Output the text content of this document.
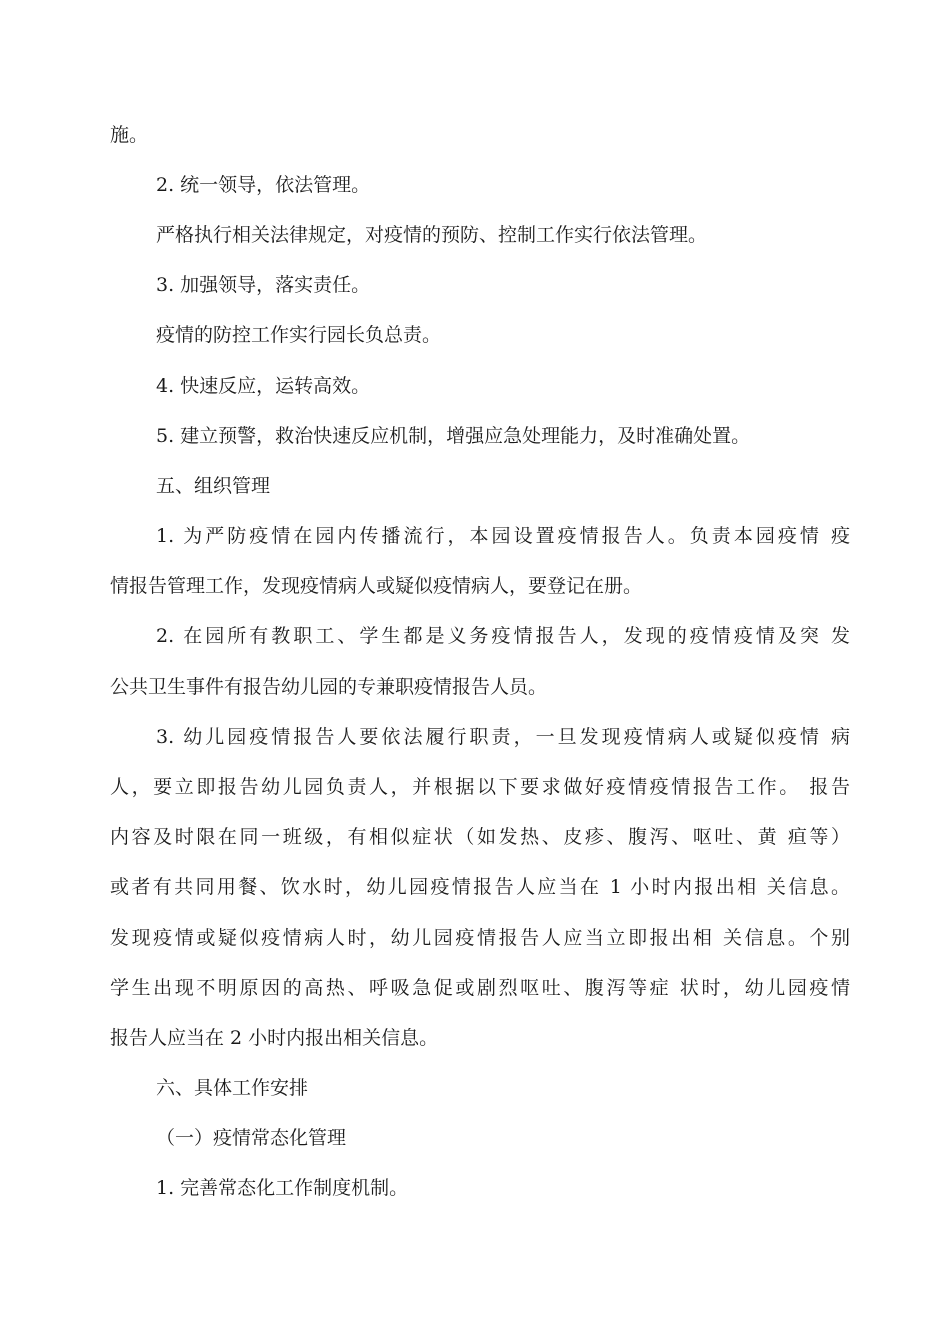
施。
2. 统一领导，依法管理。
严格执行相关法律规定，对疫情的预防、控制工作实行依法管理。
3. 加强领导，落实责任。
疫情的防控工作实行园长负总责。
4. 快速反应，运转高效。
5. 建立预警，救治快速反应机制，增强应急处理能力，及时准确处置。
五、组织管理
1. 为严防疫情在园内传播流行，本园设置疫情报告人。负责本园疫情 疫
情报告管理工作，发现疫情病人或疑似疫情病人，要登记在册。
2. 在园所有教职工、学生都是义务疫情报告人，发现的疫情疫情及突 发
公共卫生事件有报告幼儿园的专兼职疫情报告人员。
3. 幼儿园疫情报告人要依法履行职责，一旦发现疫情病人或疑似疫情 病
人，要立即报告幼儿园负责人，并根据以下要求做好疫情疫情报告工作。 报告
内容及时限在同一班级，有相似症状（如发热、皮疹、腹泻、呕吐、黄 疸等）
或者有共同用餐、饮水时，幼儿园疫情报告人应当在 1 小时内报出相 关信息。
发现疫情或疑似疫情病人时，幼儿园疫情报告人应当立即报出相 关信息。个别
学生出现不明原因的高热、呼吸急促或剧烈呕吐、腹泻等症 状时，幼儿园疫情
报告人应当在 2 小时内报出相关信息。
六、具体工作安排
（一）疫情常态化管理
1. 完善常态化工作制度机制。
